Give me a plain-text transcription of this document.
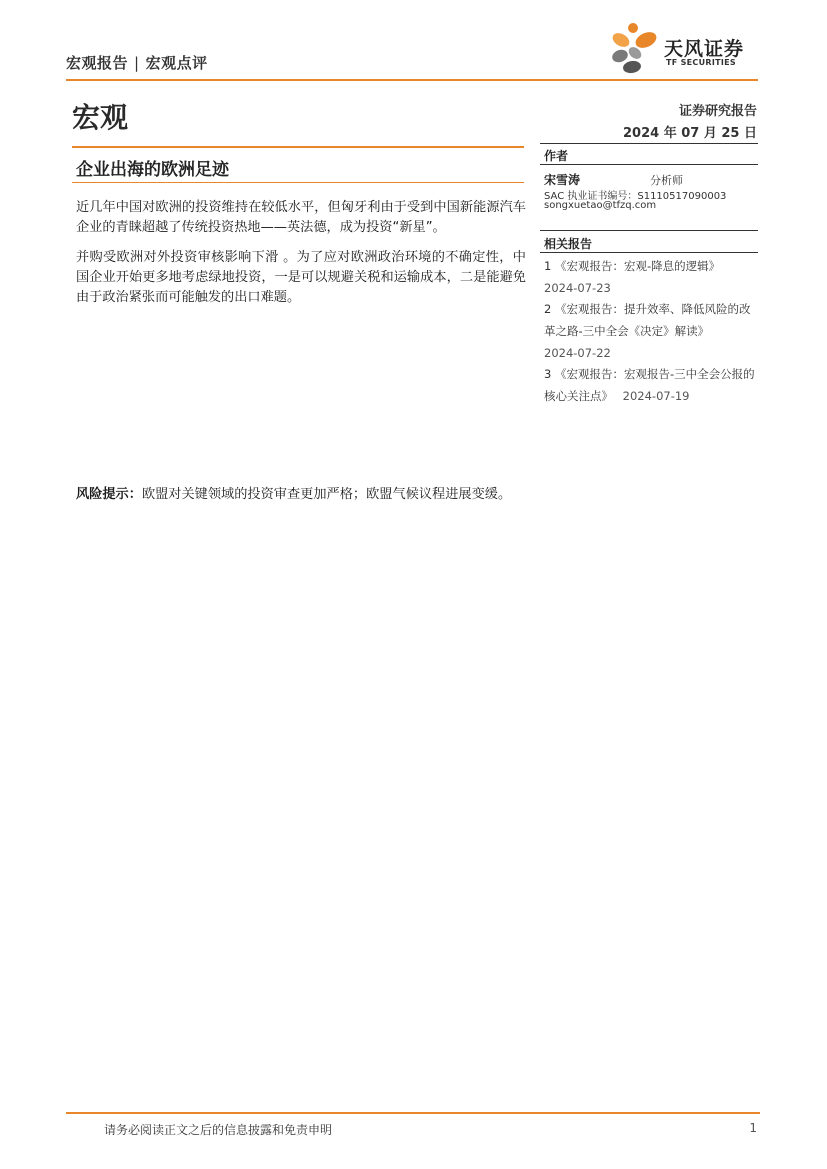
宏观报告 | 宏观点评
天风证券
TF SECURITIES
宏观	证券研究报告
2024 年 07 月 25 日
企业出海的欧洲足迹
近几年中国对欧洲的投资维持在较低水平，但匈牙利由于受到中国新能源汽车企业的青睐超越了传统投资热地——英法德，成为投资“新星”。
并购受欧洲对外投资审核影响下滑 。为了应对欧洲政治环境的不确定性，中国企业开始更多地考虑绿地投资，一是可以规避关税和运输成本，二是能避免由于政治紧张而可能触发的出口难题。
风险提示：欧盟对关键领域的投资审查更加严格；欧盟气候议程进展变缓。
作者
宋雪涛	分析师
SAC 执业证书编号：S1110517090003
songxuetao@tfzq.com
相关报告
1 《宏观报告：宏观-降息的逻辑》
2024-07-23
2 《宏观报告：提升效率、降低风险的改革之路-三中全会《决定》解读》
2024-07-22
3 《宏观报告：宏观报告-三中全会公报的核心关注点》 2024-07-19
请务必阅读正文之后的信息披露和免责申明	1
